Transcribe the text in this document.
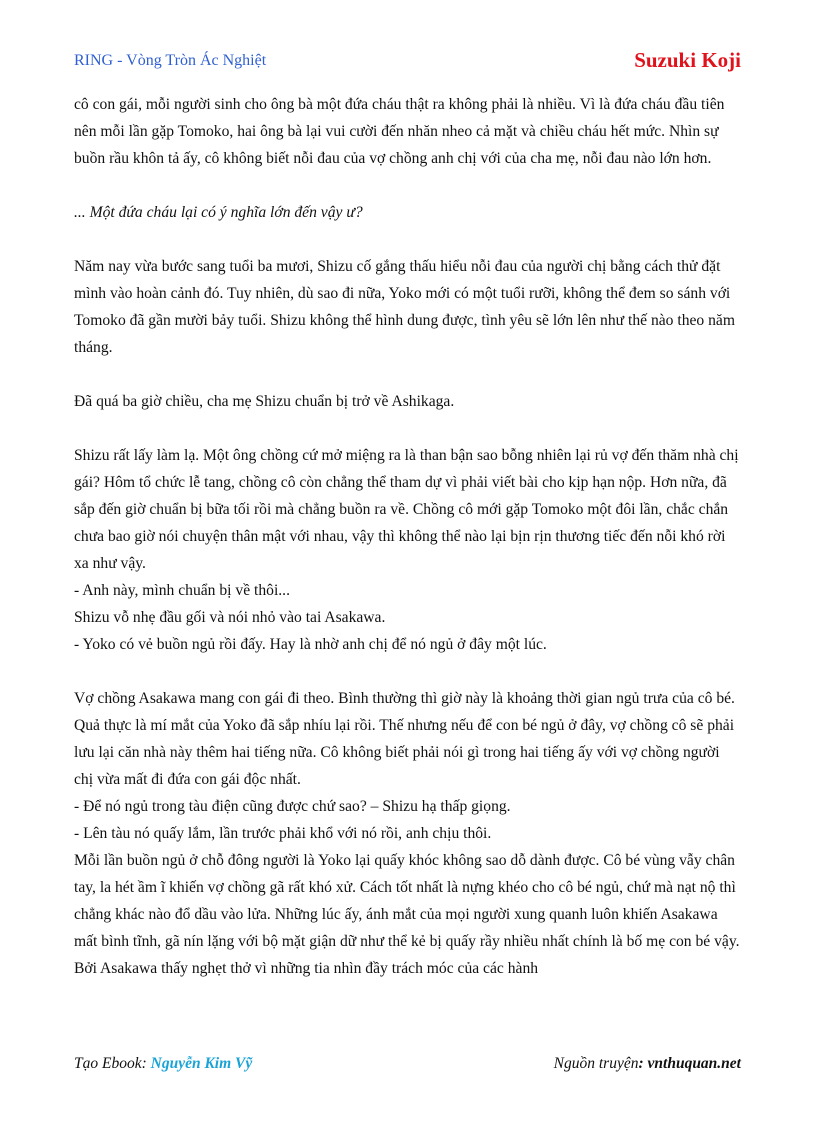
RING - Vòng Tròn Ác Nghiệt	Suzuki Koji

cô con gái, mỗi người sinh cho ông bà một đứa cháu thật ra không phải là nhiều. Vì là đứa cháu đầu tiên nên mỗi lần gặp Tomoko, hai ông bà lại vui cười đến nhăn nheo cả mặt và chiều cháu hết mức. Nhìn sự buồn rầu khôn tả ấy, cô không biết nỗi đau của vợ chồng anh chị với của cha mẹ, nỗi đau nào lớn hơn.

... Một đứa cháu lại có ý nghĩa lớn đến vậy ư?

Năm nay vừa bước sang tuổi ba mươi, Shizu cố gắng thấu hiểu nỗi đau của người chị bằng cách thử đặt mình vào hoàn cảnh đó. Tuy nhiên, dù sao đi nữa, Yoko mới có một tuổi rưỡi, không thể đem so sánh với Tomoko đã gần mười bảy tuổi. Shizu không thể hình dung được, tình yêu sẽ lớn lên như thế nào theo năm tháng.

Đã quá ba giờ chiều, cha mẹ Shizu chuẩn bị trở về Ashikaga.

Shizu rất lấy làm lạ. Một ông chồng cứ mở miệng ra là than bận sao bỗng nhiên lại rủ vợ đến thăm nhà chị gái? Hôm tổ chức lễ tang, chồng cô còn chẳng thể tham dự vì phải viết bài cho kịp hạn nộp. Hơn nữa, đã sắp đến giờ chuẩn bị bữa tối rồi mà chẳng buồn ra về. Chồng cô mới gặp Tomoko một đôi lần, chắc chắn chưa bao giờ nói chuyện thân mật với nhau, vậy thì không thể nào lại bịn rịn thương tiếc đến nỗi khó rời xa như vậy.

- Anh này, mình chuẩn bị về thôi...

Shizu vỗ nhẹ đầu gối và nói nhỏ vào tai Asakawa.

- Yoko có vẻ buồn ngủ rồi đấy. Hay là nhờ anh chị để nó ngủ ở đây một lúc.

Vợ chồng Asakawa mang con gái đi theo. Bình thường thì giờ này là khoảng thời gian ngủ trưa của cô bé. Quả thực là mí mắt của Yoko đã sắp nhíu lại rồi. Thế nhưng nếu để con bé ngủ ở đây, vợ chồng cô sẽ phải lưu lại căn nhà này thêm hai tiếng nữa. Cô không biết phải nói gì trong hai tiếng ấy với vợ chồng người chị vừa mất đi đứa con gái độc nhất.

- Để nó ngủ trong tàu điện cũng được chứ sao? – Shizu hạ thấp giọng.

- Lên tàu nó quấy lắm, lần trước phải khổ với nó rồi, anh chịu thôi.

Mỗi lần buồn ngủ ở chỗ đông người là Yoko lại quấy khóc không sao dỗ dành được. Cô bé vùng vẫy chân tay, la hét ầm ĩ khiến vợ chồng gã rất khó xử. Cách tốt nhất là nựng khéo cho cô bé ngủ, chứ mà nạt nộ thì chẳng khác nào đổ dầu vào lửa. Những lúc ấy, ánh mắt của mọi người xung quanh luôn khiến Asakawa mất bình tĩnh, gã nín lặng với bộ mặt giận dữ như thể kẻ bị quấy rầy nhiều nhất chính là bố mẹ con bé vậy. Bởi Asakawa thấy nghẹt thở vì những tia nhìn đầy trách móc của các hành

Tạo Ebook: Nguyễn Kim Vỹ	Nguồn truyện: vnthuquan.net
